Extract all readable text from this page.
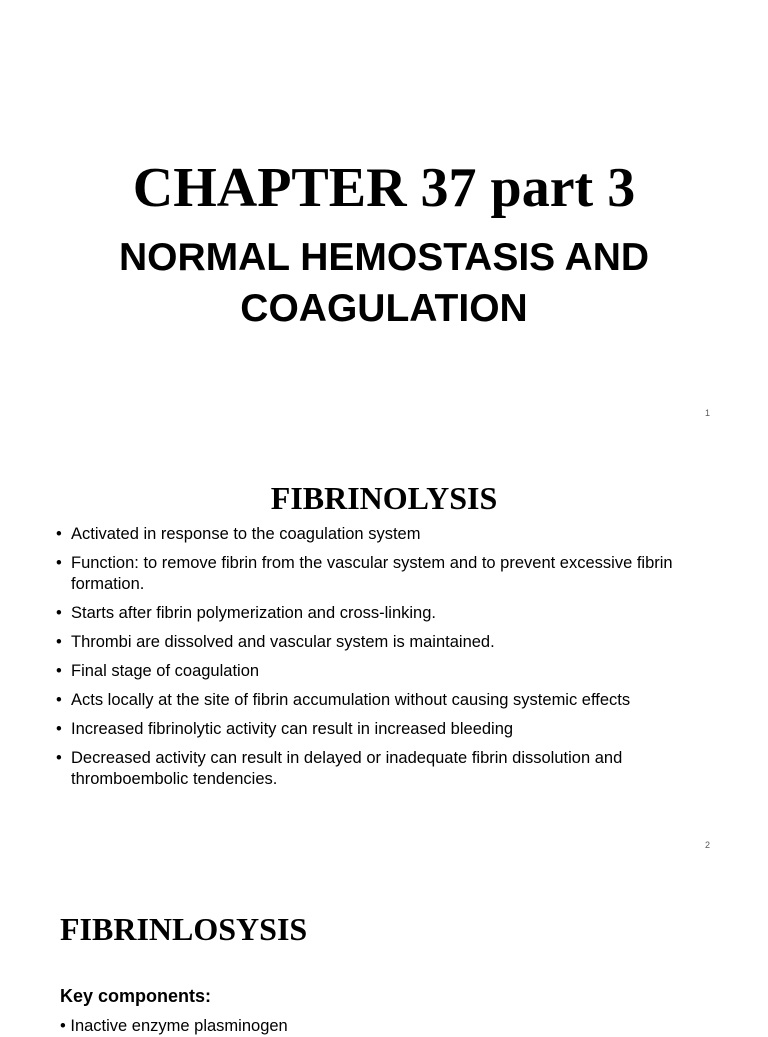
CHAPTER 37 part 3
NORMAL HEMOSTASIS AND COAGULATION
1
FIBRINOLYSIS
• Activated in response to the coagulation system
• Function: to remove fibrin from the vascular system and to prevent excessive fibrin formation.
• Starts after fibrin polymerization and cross-linking.
• Thrombi are dissolved and vascular system is maintained.
• Final stage of coagulation
• Acts locally at the site of fibrin accumulation without causing systemic effects
• Increased fibrinolytic activity can result in increased bleeding
• Decreased activity can result in delayed or inadequate fibrin dissolution and thromboembolic tendencies.
2
FIBRINLOSYSIS

Key components:

• Inactive enzyme plasminogen
